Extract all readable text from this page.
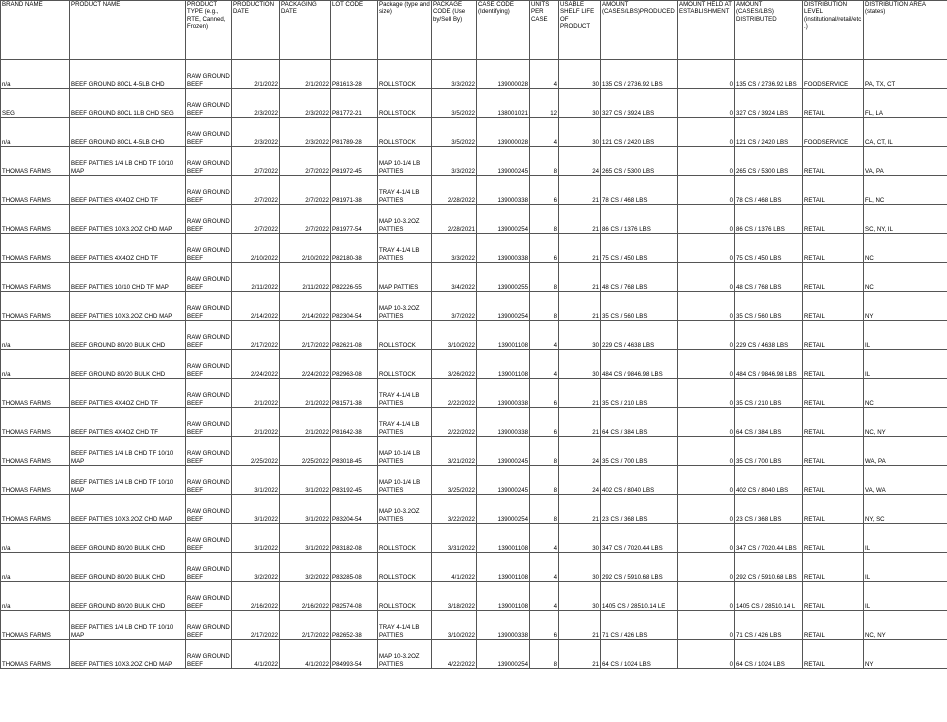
BRAND NAME	PRODUCT NAME	PRODUCT TYPE (e.g., RTE, Canned, Frozen)	PRODUCTION DATE	PACKAGING DATE	LOT CODE	Package (type and size)	PACKAGE CODE (Use by/Sell By)	CASE CODE (Identifying)	UNITS PER CASE	USABLE SHELF LIFE OF PRODUCT	AMOUNT (CASES/LBS)PRODUCED	AMOUNT HELD AT ESTABLISHMENT	AMOUNT (CASES/LBS) DISTRIBUTED	DISTRIBUTION LEVEL (institutional/retail/etc.)	DISTRIBUTION AREA (states)
n/a	BEEF GROUND 80CL 4-5LB CHD	RAW GROUND BEEF	2/1/2022	2/1/2022	P81613-28	ROLLSTOCK	3/3/2022	139000028	4	30	135 CS / 2736.92 LBS	0	135 CS / 2736.92 LBS	FOODSERVICE	PA, TX, CT
SEG	BEEF GROUND 80CL 1LB CHD SEG	RAW GROUND BEEF	2/3/2022	2/3/2022	P81772-21	ROLLSTOCK	3/5/2022	138001021	12	30	327 CS / 3924 LBS	0	327 CS / 3924 LBS	RETAIL	FL, LA
n/a	BEEF GROUND 80CL 4-5LB CHD	RAW GROUND BEEF	2/3/2022	2/3/2022	P81789-28	ROLLSTOCK	3/5/2022	139000028	4	30	121 CS / 2420 LBS	0	121 CS / 2420 LBS	FOODSERVICE	CA, CT, IL
THOMAS FARMS	BEEF PATTIES 1/4 LB CHD TF 10/10 MAP	RAW GROUND BEEF	2/7/2022	2/7/2022	P81972-45	MAP 10-1/4 LB PATTIES	3/3/2022	139000245	8	24	265 CS / 5300 LBS	0	265 CS / 5300 LBS	RETAIL	VA, PA
THOMAS FARMS	BEEF PATTIES 4X4OZ CHD TF	RAW GROUND BEEF	2/7/2022	2/7/2022	P81971-38	TRAY 4-1/4 LB PATTIES	2/28/2022	139000338	6	21	78 CS / 468 LBS	0	78 CS / 468 LBS	RETAIL	FL, NC
THOMAS FARMS	BEEF PATTIES 10X3.2OZ CHD MAP	RAW GROUND BEEF	2/7/2022	2/7/2022	P81977-54	MAP 10-3.2OZ PATTIES	2/28/2021	139000254	8	21	86 CS / 1376 LBS	0	86 CS / 1376 LBS	RETAIL	SC, NY, IL
THOMAS FARMS	BEEF PATTIES 4X4OZ CHD TF	RAW GROUND BEEF	2/10/2022	2/10/2022	P82180-38	TRAY 4-1/4 LB PATTIES	3/3/2022	139000338	6	21	75 CS / 450 LBS	0	75 CS / 450 LBS	RETAIL	NC
THOMAS FARMS	BEEF PATTIES 10/10 CHD TF MAP	RAW GROUND BEEF	2/11/2022	2/11/2022	P82226-55	MAP PATTIES	3/4/2022	139000255	8	21	48 CS / 768 LBS	0	48 CS / 768 LBS	RETAIL	NC
THOMAS FARMS	BEEF PATTIES 10X3.2OZ CHD MAP	RAW GROUND BEEF	2/14/2022	2/14/2022	P82304-54	MAP 10-3.2OZ PATTIES	3/7/2022	139000254	8	21	35 CS / 560 LBS	0	35 CS / 560 LBS	RETAIL	NY
n/a	BEEF GROUND 80/20 BULK CHD	RAW GROUND BEEF	2/17/2022	2/17/2022	P82621-08	ROLLSTOCK	3/10/2022	139001108	4	30	229 CS / 4638 LBS	0	229 CS / 4638 LBS	RETAIL	IL
n/a	BEEF GROUND 80/20 BULK CHD	RAW GROUND BEEF	2/24/2022	2/24/2022	P82963-08	ROLLSTOCK	3/26/2022	139001108	4	30	484 CS / 9846.98 LBS	0	484 CS / 9846.98 LBS	RETAIL	IL
THOMAS FARMS	BEEF PATTIES 4X4OZ CHD TF	RAW GROUND BEEF	2/1/2022	2/1/2022	P81571-38	TRAY 4-1/4 LB PATTIES	2/22/2022	139000338	6	21	35 CS / 210 LBS	0	35 CS / 210 LBS	RETAIL	NC
THOMAS FARMS	BEEF PATTIES 4X4OZ CHD TF	RAW GROUND BEEF	2/1/2022	2/1/2022	P81642-38	TRAY 4-1/4 LB PATTIES	2/22/2022	139000338	6	21	64 CS / 384 LBS	0	64 CS / 384 LBS	RETAIL	NC, NY
THOMAS FARMS	BEEF PATTIES 1/4 LB CHD TF 10/10 MAP	RAW GROUND BEEF	2/25/2022	2/25/2022	P83018-45	MAP 10-1/4 LB PATTIES	3/21/2022	139000245	8	24	35 CS / 700 LBS	0	35 CS / 700 LBS	RETAIL	WA, PA
THOMAS FARMS	BEEF PATTIES 1/4 LB CHD TF 10/10 MAP	RAW GROUND BEEF	3/1/2022	3/1/2022	P83192-45	MAP 10-1/4 LB PATTIES	3/25/2022	139000245	8	24	402 CS / 8040 LBS	0	402 CS / 8040 LBS	RETAIL	VA, WA
THOMAS FARMS	BEEF PATTIES 10X3.2OZ CHD MAP	RAW GROUND BEEF	3/1/2022	3/1/2022	P83204-54	MAP 10-3.2OZ PATTIES	3/22/2022	139000254	8	21	23 CS / 368 LBS	0	23 CS / 368 LBS	RETAIL	NY, SC
n/a	BEEF GROUND 80/20 BULK CHD	RAW GROUND BEEF	3/1/2022	3/1/2022	P83182-08	ROLLSTOCK	3/31/2022	139001108	4	30	347 CS / 7020.44 LBS	0	347 CS / 7020.44 LBS	RETAIL	IL
n/a	BEEF GROUND 80/20 BULK CHD	RAW GROUND BEEF	3/2/2022	3/2/2022	P83285-08	ROLLSTOCK	4/1/2022	139001108	4	30	292 CS / 5910.68 LBS	0	292 CS / 5910.68 LBS	RETAIL	IL
n/a	BEEF GROUND 80/20 BULK CHD	RAW GROUND BEEF	2/16/2022	2/16/2022	P82574-08	ROLLSTOCK	3/18/2022	139001108	4	30	1405 CS / 28510.14 LE	0	1405 CS / 28510.14 L	RETAIL	IL
THOMAS FARMS	BEEF PATTIES 1/4 LB CHD TF 10/10 MAP	RAW GROUND BEEF	2/17/2022	2/17/2022	P82652-38	TRAY 4-1/4 LB PATTIES	3/10/2022	139000338	6	21	71 CS / 426 LBS	0	71 CS / 426 LBS	RETAIL	NC, NY
THOMAS FARMS	BEEF PATTIES 10X3.2OZ CHD MAP	RAW GROUND BEEF	4/1/2022	4/1/2022	P84993-54	MAP 10-3.2OZ PATTIES	4/22/2022	139000254	8	21	64 CS / 1024 LBS	0	64 CS / 1024 LBS	RETAIL	NY
